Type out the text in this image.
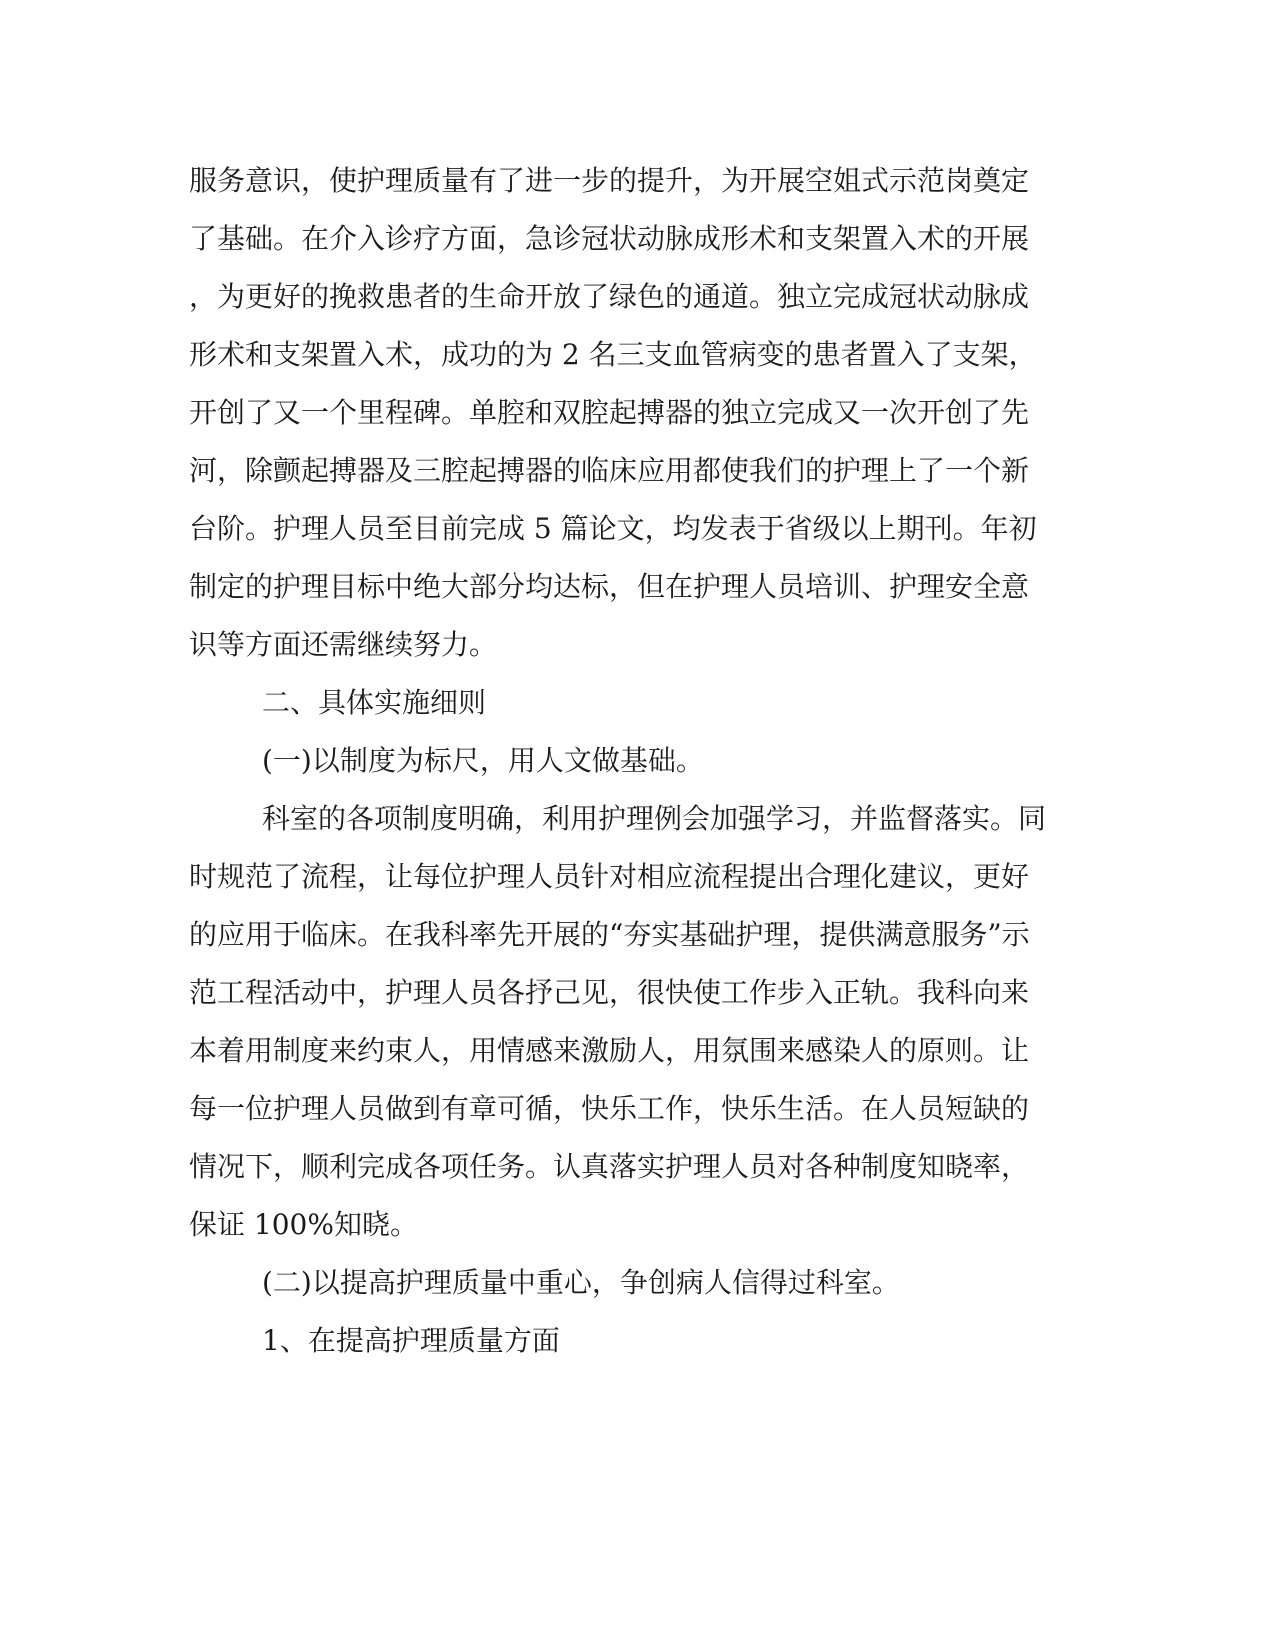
服务意识，使护理质量有了进一步的提升，为开展空姐式示范岗奠定

了基础。在介入诊疗方面，急诊冠状动脉成形术和支架置入术的开展

，为更好的挽救患者的生命开放了绿色的通道。独立完成冠状动脉成

形术和支架置入术，成功的为 2 名三支血管病变的患者置入了支架，

开创了又一个里程碑。单腔和双腔起搏器的独立完成又一次开创了先

河，除颤起搏器及三腔起搏器的临床应用都使我们的护理上了一个新

台阶。护理人员至目前完成 5 篇论文，均发表于省级以上期刊。年初

制定的护理目标中绝大部分均达标，但在护理人员培训、护理安全意

识等方面还需继续努力。

二、具体实施细则

(一)以制度为标尺，用人文做基础。

科室的各项制度明确，利用护理例会加强学习，并监督落实。同

时规范了流程，让每位护理人员针对相应流程提出合理化建议，更好

的应用于临床。在我科率先开展的“夯实基础护理，提供满意服务”示

范工程活动中，护理人员各抒己见，很快使工作步入正轨。我科向来

本着用制度来约束人，用情感来激励人，用氛围来感染人的原则。让

每一位护理人员做到有章可循，快乐工作，快乐生活。在人员短缺的

情况下，顺利完成各项任务。认真落实护理人员对各种制度知晓率，

保证 100%知晓。

(二)以提高护理质量中重心，争创病人信得过科室。

1、在提高护理质量方面
